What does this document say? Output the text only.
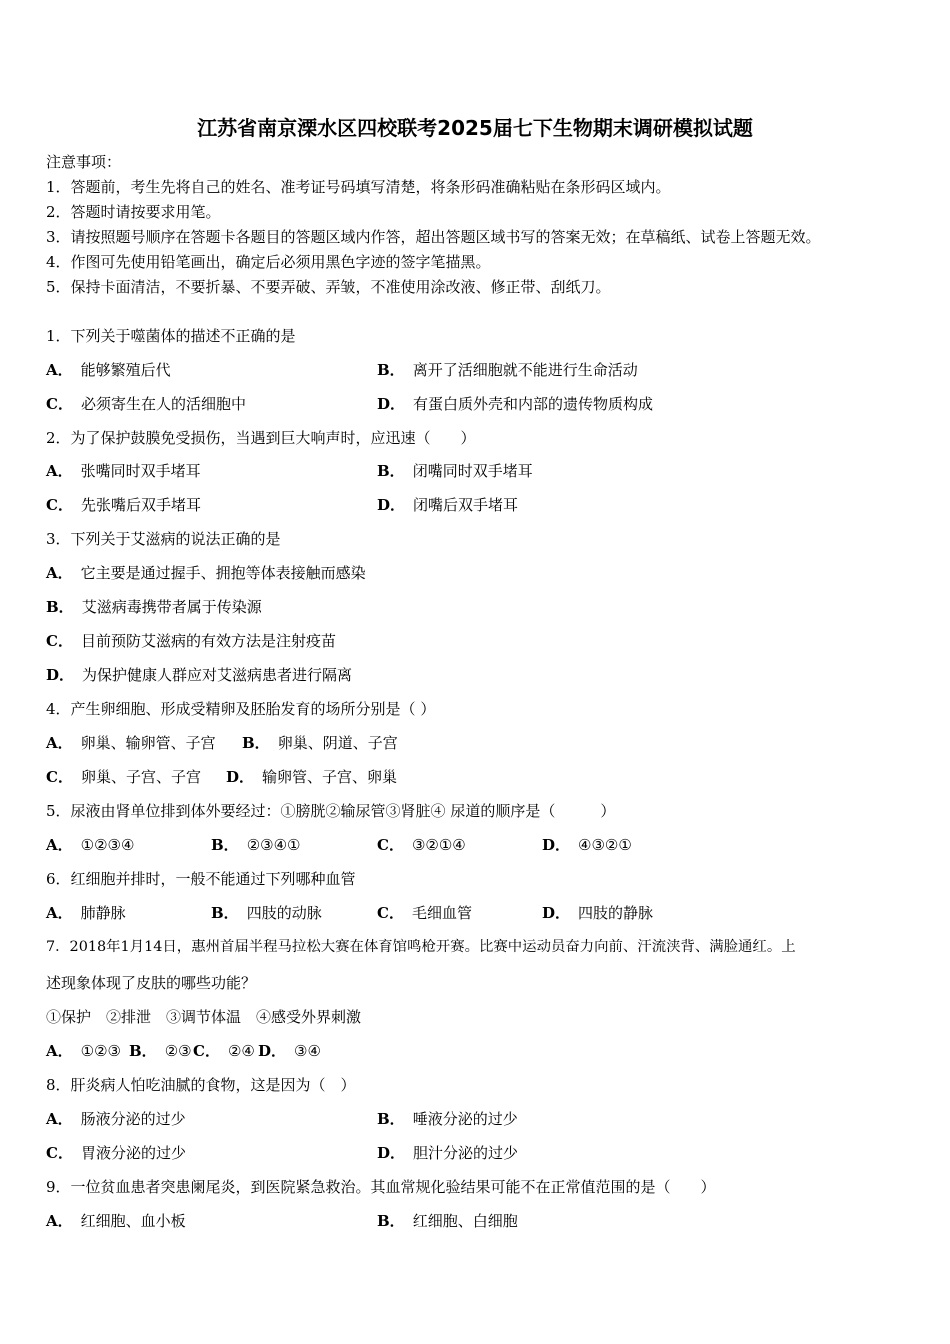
江苏省南京溧水区四校联考2025届七下生物期末调研模拟试题
注意事项：
1．答题前，考生先将自己的姓名、准考证号码填写清楚，将条形码准确粘贴在条形码区域内。
2．答题时请按要求用笔。
3．请按照题号顺序在答题卡各题目的答题区域内作答，超出答题区域书写的答案无效；在草稿纸、试卷上答题无效。
4．作图可先使用铅笔画出，确定后必须用黑色字迹的签字笔描黑。
5．保持卡面清洁，不要折暴、不要弄破、弄皱，不准使用涂改液、修正带、刮纸刀。
1．下列关于噬菌体的描述不正确的是
A． 能够繁殖后代	B． 离开了活细胞就不能进行生命活动
C． 必须寄生在人的活细胞中	D． 有蛋白质外壳和内部的遗传物质构成
2．为了保护鼓膜免受损伤，当遇到巨大响声时，应迅速（　　）
A． 张嘴同时双手堵耳	B． 闭嘴同时双手堵耳
C． 先张嘴后双手堵耳	D． 闭嘴后双手堵耳
3．下列关于艾滋病的说法正确的是
A． 它主要是通过握手、拥抱等体表接触而感染
B． 艾滋病毒携带者属于传染源
C． 目前预防艾滋病的有效方法是注射疫苗
D． 为保护健康人群应对艾滋病患者进行隔离
4．产生卵细胞、形成受精卵及胚胎发育的场所分别是（ ）
A． 卵巢、输卵管、子宫 B． 卵巢、阴道、子宫
C． 卵巢、子宫、子宫 D． 输卵管、子宫、卵巢
5．尿液由肾单位排到体外要经过：①膀胱②输尿管③肾脏④ 尿道的顺序是（　　　）
A． ①②③④	B． ②③④①	C． ③②①④	D． ④③②①
6．红细胞并排时，一般不能通过下列哪种血管
A． 肺静脉	B． 四肢的动脉	C． 毛细血管	D． 四肢的静脉
7．2018年1月14日，惠州首届半程马拉松大赛在体育馆鸣枪开赛。比赛中运动员奋力向前、汗流浃背、满脸通红。上
述现象体现了皮肤的哪些功能？
①保护　②排泄　③调节体温　④感受外界刺激
A． ①②③ B． ②③ C． ②④ D． ③④
8．肝炎病人怕吃油腻的食物，这是因为（　）
A． 肠液分泌的过少	B． 唾液分泌的过少
C． 胃液分泌的过少	D． 胆汁分泌的过少
9．一位贫血患者突患阑尾炎，到医院紧急救治。其血常规化验结果可能不在正常值范围的是（　　）
A． 红细胞、血小板	B． 红细胞、白细胞
